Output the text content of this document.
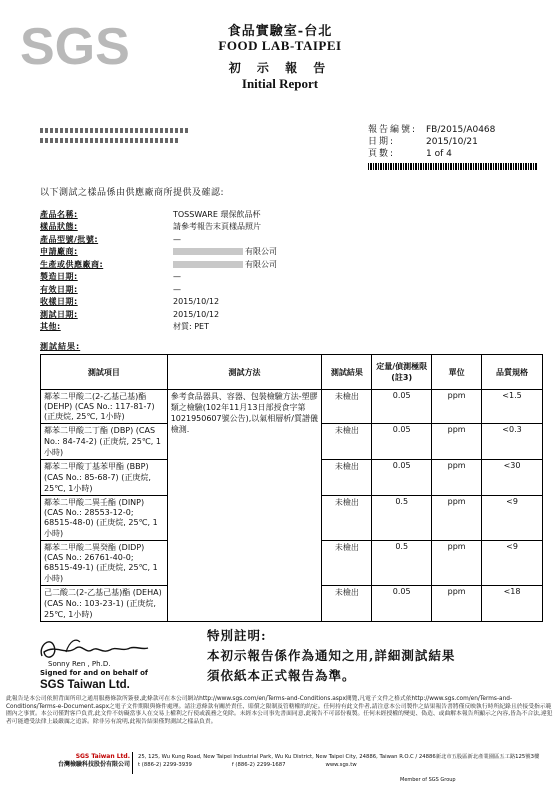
SGS	食品實驗室-台北
FOOD LAB-TAIPEI
初 示 報 告
Initial Report
報告編號: FB/2015/A0468
日期:	2015/10/21
頁數:	1 of 4
以下測試之樣品係由供應廠商所提供及確認:
產品名稱:	TOSSWARE 環保飲品杯
樣品狀態:	請參考報告末頁樣品照片
產品型號/批號:	—
申請廠商:	有限公司
生產或供應廠商:	有限公司
製造日期:	—
有效日期:	—
收樣日期:	2015/10/12
測試日期:	2015/10/12
其他:	材質: PET
測試結果:
測試項目	測試方法	測試結果	定量/偵測極限(註3)	單位	品質規格
鄰苯二甲酸二(2-乙基己基)酯 (DEHP) (CAS No.: 117-81-7) (正庚烷, 25℃, 1小時)	參考食品器具、容器、包裝檢驗方法-塑膠類之檢驗(102年11月13日部授食字第1021950607號公告),以氣相層析/質譜儀檢測.	未檢出	0.05	ppm	<1.5
鄰苯二甲酸二丁酯 (DBP) (CAS No.: 84-74-2) (正庚烷, 25℃, 1小時)		未檢出	0.05	ppm	<0.3
鄰苯二甲酸丁基苯甲酯 (BBP) (CAS No.: 85-68-7) (正庚烷, 25℃, 1小時)		未檢出	0.05	ppm	<30
鄰苯二甲酸二異壬酯 (DINP) (CAS No.: 28553-12-0; 68515-48-0) (正庚烷, 25℃, 1小時)		未檢出	0.5	ppm	<9
鄰苯二甲酸二異癸酯 (DIDP) (CAS No.: 26761-40-0; 68515-49-1) (正庚烷, 25℃, 1小時)		未檢出	0.5	ppm	<9
己二酸二(2-乙基己基)酯 (DEHA) (CAS No.: 103-23-1) (正庚烷, 25℃, 1小時)		未檢出	0.05	ppm	<18
Sonny Ren , Ph.D.
Signed for and on behalf of
SGS Taiwan Ltd.
特別註明:
本初示報告係作為通知之用,詳細測試結果
須依紙本正式報告為準。
此報告是本公司依照背面所印之通用服務條款所簽發,此條款可在本公司網站http://www.sgs.com/en/Terms-and-Conditions.aspx閱覽,凡電子文件之格式依http://www.sgs.com/en/Terms-and-Conditions/Terms-e-Document.aspx之電子文件期限與條件處理。請注意條款有關於責任、賠償之限制及管轄權的約定。任何持有此文件者,請注意本公司製作之結果報告書將僅反映執行時所紀錄且於接受指示範圍內之事實。本公司僅對客戶負責,此文件不妨礙當事人在交易上權利之行使或義務之免除。未經本公司事先書面同意,此報告不可部份複製。任何未經授權的變更、偽造、或曲解本報告所顯示之內容,皆為不合法,違犯者可能遭受法律上最嚴厲之追訴。除非另有說明,此報告結果僅對測試之樣品負責。
SGS Taiwan Ltd.
台灣檢驗科技股份有限公司
25, 125, Wu Kung Road, New Taipei Industrial Park, Wu Ku District, New Taipei City, 24886, Taiwan R.O.C / 24886新北市五股區新北產業園區五工路125號3樓
t (886-2) 2299-3939	f (886-2) 2299-1687	www.sgs.tw
Member of SGS Group
